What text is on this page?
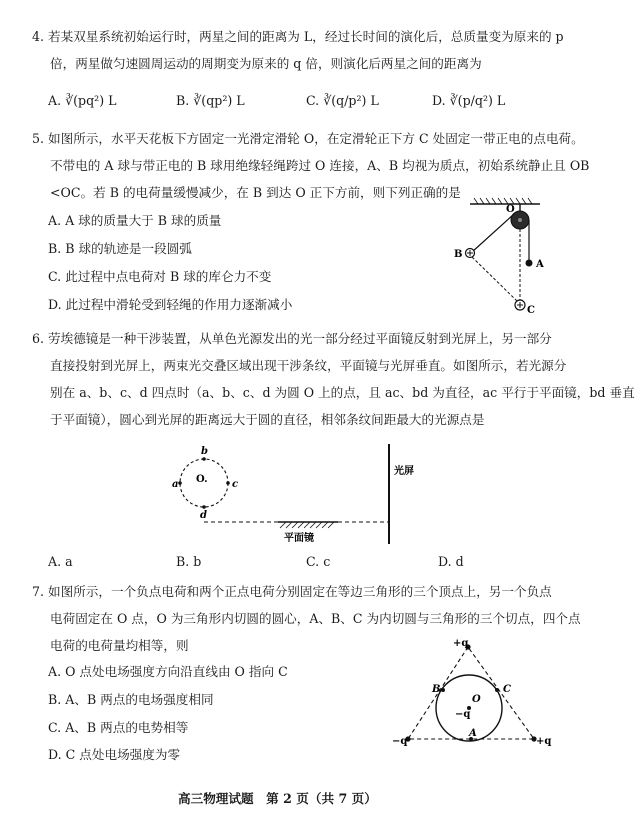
4. 若某双星系统初始运行时，两星之间的距离为 L，经过长时间的演化后，总质量变为原来的 p
倍，两星做匀速圆周运动的周期变为原来的 q 倍，则演化后两星之间的距离为
A. ∛(pq²) L	B. ∛(qp²) L	C. ∛(q/p²) L	D. ∛(p/q²) L
5. 如图所示，水平天花板下方固定一光滑定滑轮 O，在定滑轮正下方 C 处固定一带正电的点电荷。
不带电的 A 球与带正电的 B 球用绝缘轻绳跨过 O 连接，A、B 均视为质点，初始系统静止且 OB
<OC。若 B 的电荷量缓慢减少，在 B 到达 O 正下方前，则下列正确的是
A. A 球的质量大于 B 球的质量
B. B 球的轨迹是一段圆弧
C. 此过程中点电荷对 B 球的库仑力不变
D. 此过程中滑轮受到轻绳的作用力逐渐减小
O
A
B
C
6. 劳埃德镜是一种干涉装置，从单色光源发出的光一部分经过平面镜反射到光屏上，另一部分
直接投射到光屏上，两束光交叠区域出现干涉条纹，平面镜与光屏垂直。如图所示，若光源分
别在 a、b、c、d 四点时（a、b、c、d 为圆 O 上的点，且 ac、bd 为直径，ac 平行于平面镜，bd 垂直
于平面镜），圆心到光屏的距离远大于圆的直径，相邻条纹间距最大的光源点是
b
a	c
d
O.
平面镜
光屏
A. a	B. b	C. c	D. d
7. 如图所示，一个负点电荷和两个正点电荷分别固定在等边三角形的三个顶点上，另一个负点
电荷固定在 O 点，O 为三角形内切圆的圆心，A、B、C 为内切圆与三角形的三个切点，四个点
电荷的电荷量均相等，则
A. O 点处电场强度方向沿直线由 O 指向 C
B. A、B 两点的电场强度相同
C. A、B 两点的电势相等
D. C 点处电场强度为零
+q
−q	+q
O
−q
B	C
A
高三物理试题　第 2 页（共 7 页）
